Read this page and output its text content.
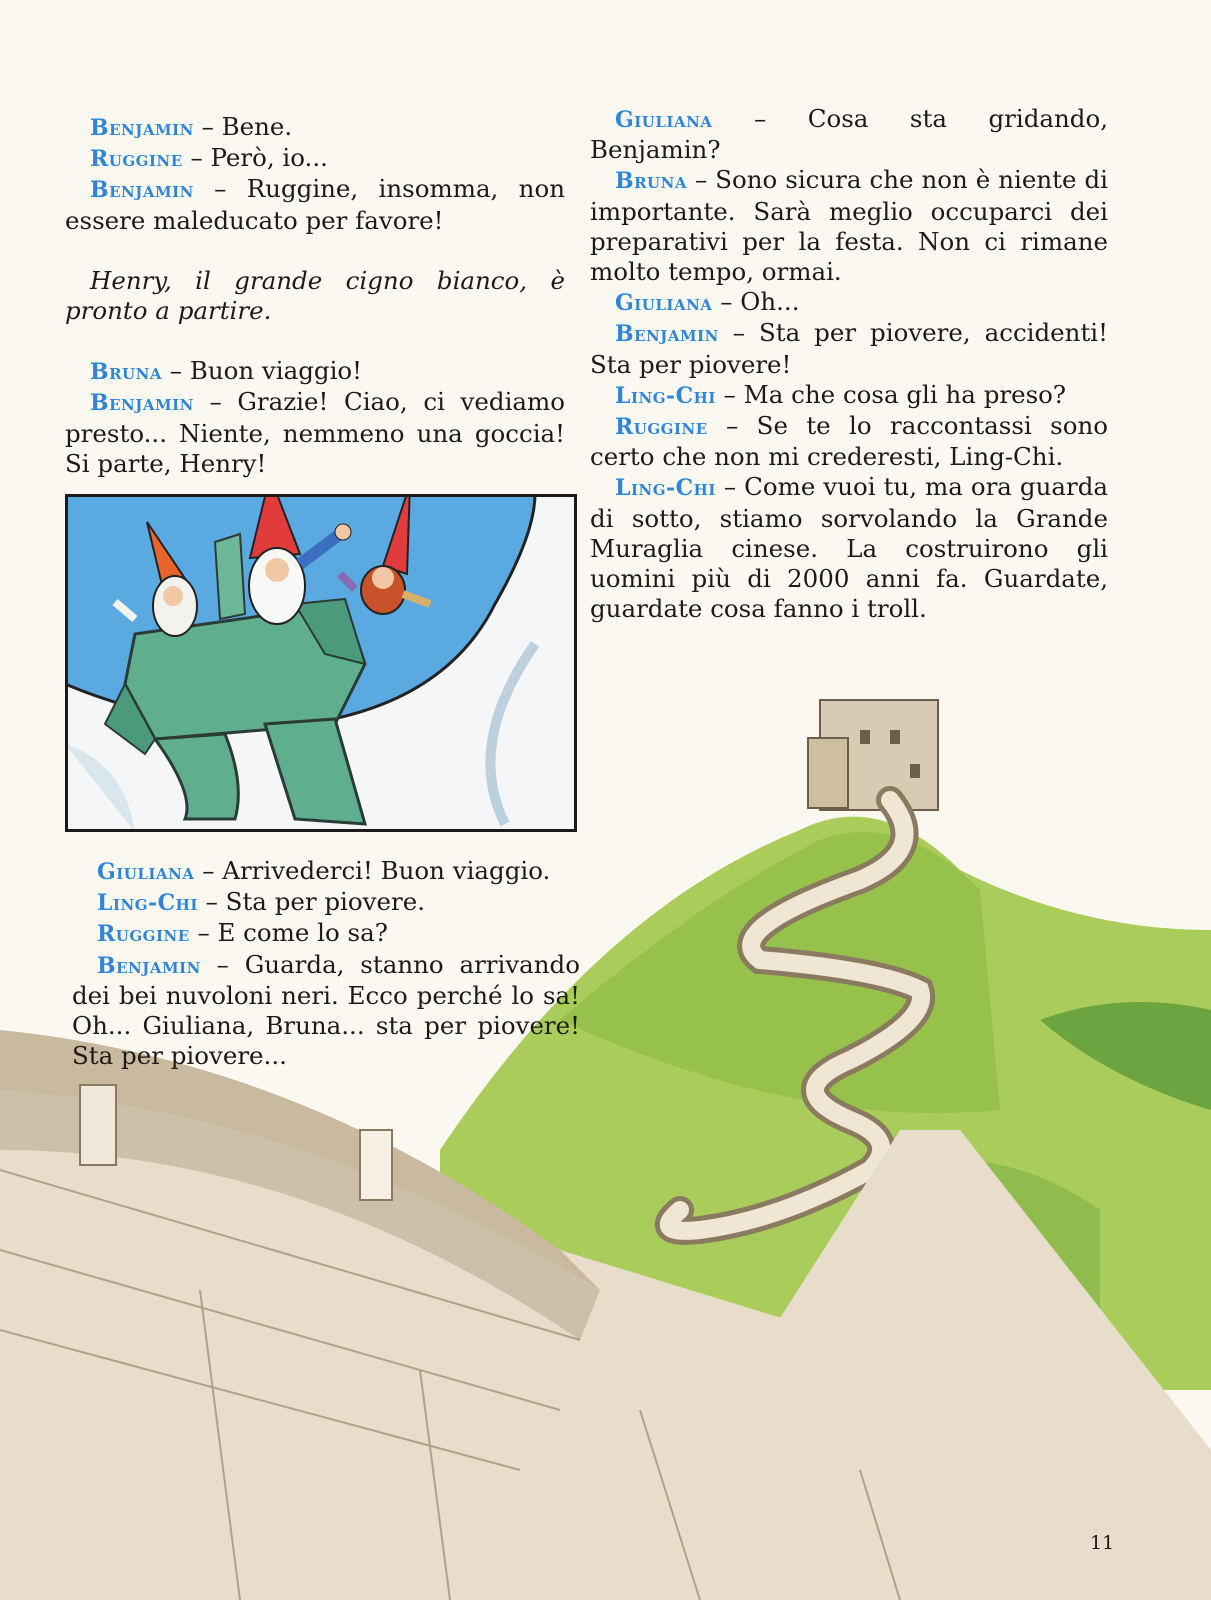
Benjamin – Bene.

Ruggine – Però, io...

Benjamin – Ruggine, insomma, non essere maleducato per favore!

Henry, il grande cigno bianco, è pronto a partire.

Bruna – Buon viaggio!

Benjamin – Grazie! Ciao, ci vediamo presto... Niente, nemmeno una goccia! Si parte, Henry!

Giuliana – Cosa sta gridando, Benjamin?

Bruna – Sono sicura che non è niente di importante. Sarà meglio occuparci dei preparativi per la festa. Non ci rimane molto tempo, ormai.

Giuliana – Oh...

Benjamin – Sta per piovere, accidenti! Sta per piovere!

Ling-Chi – Ma che cosa gli ha preso?

Ruggine – Se te lo raccontassi sono certo che non mi crederesti, Ling-Chi.

Ling-Chi – Come vuoi tu, ma ora guarda di sotto, stiamo sorvolando la Grande Muraglia cinese. La costruirono gli uomini più di 2000 anni fa. Guardate, guardate cosa fanno i troll.

Giuliana – Arrivederci! Buon viaggio.

Ling-Chi – Sta per piovere.

Ruggine – E come lo sa?

Benjamin – Guarda, stanno arrivando dei bei nuvoloni neri. Ecco perché lo sa! Oh... Giuliana, Bruna... sta per piovere! Sta per piovere...

11
